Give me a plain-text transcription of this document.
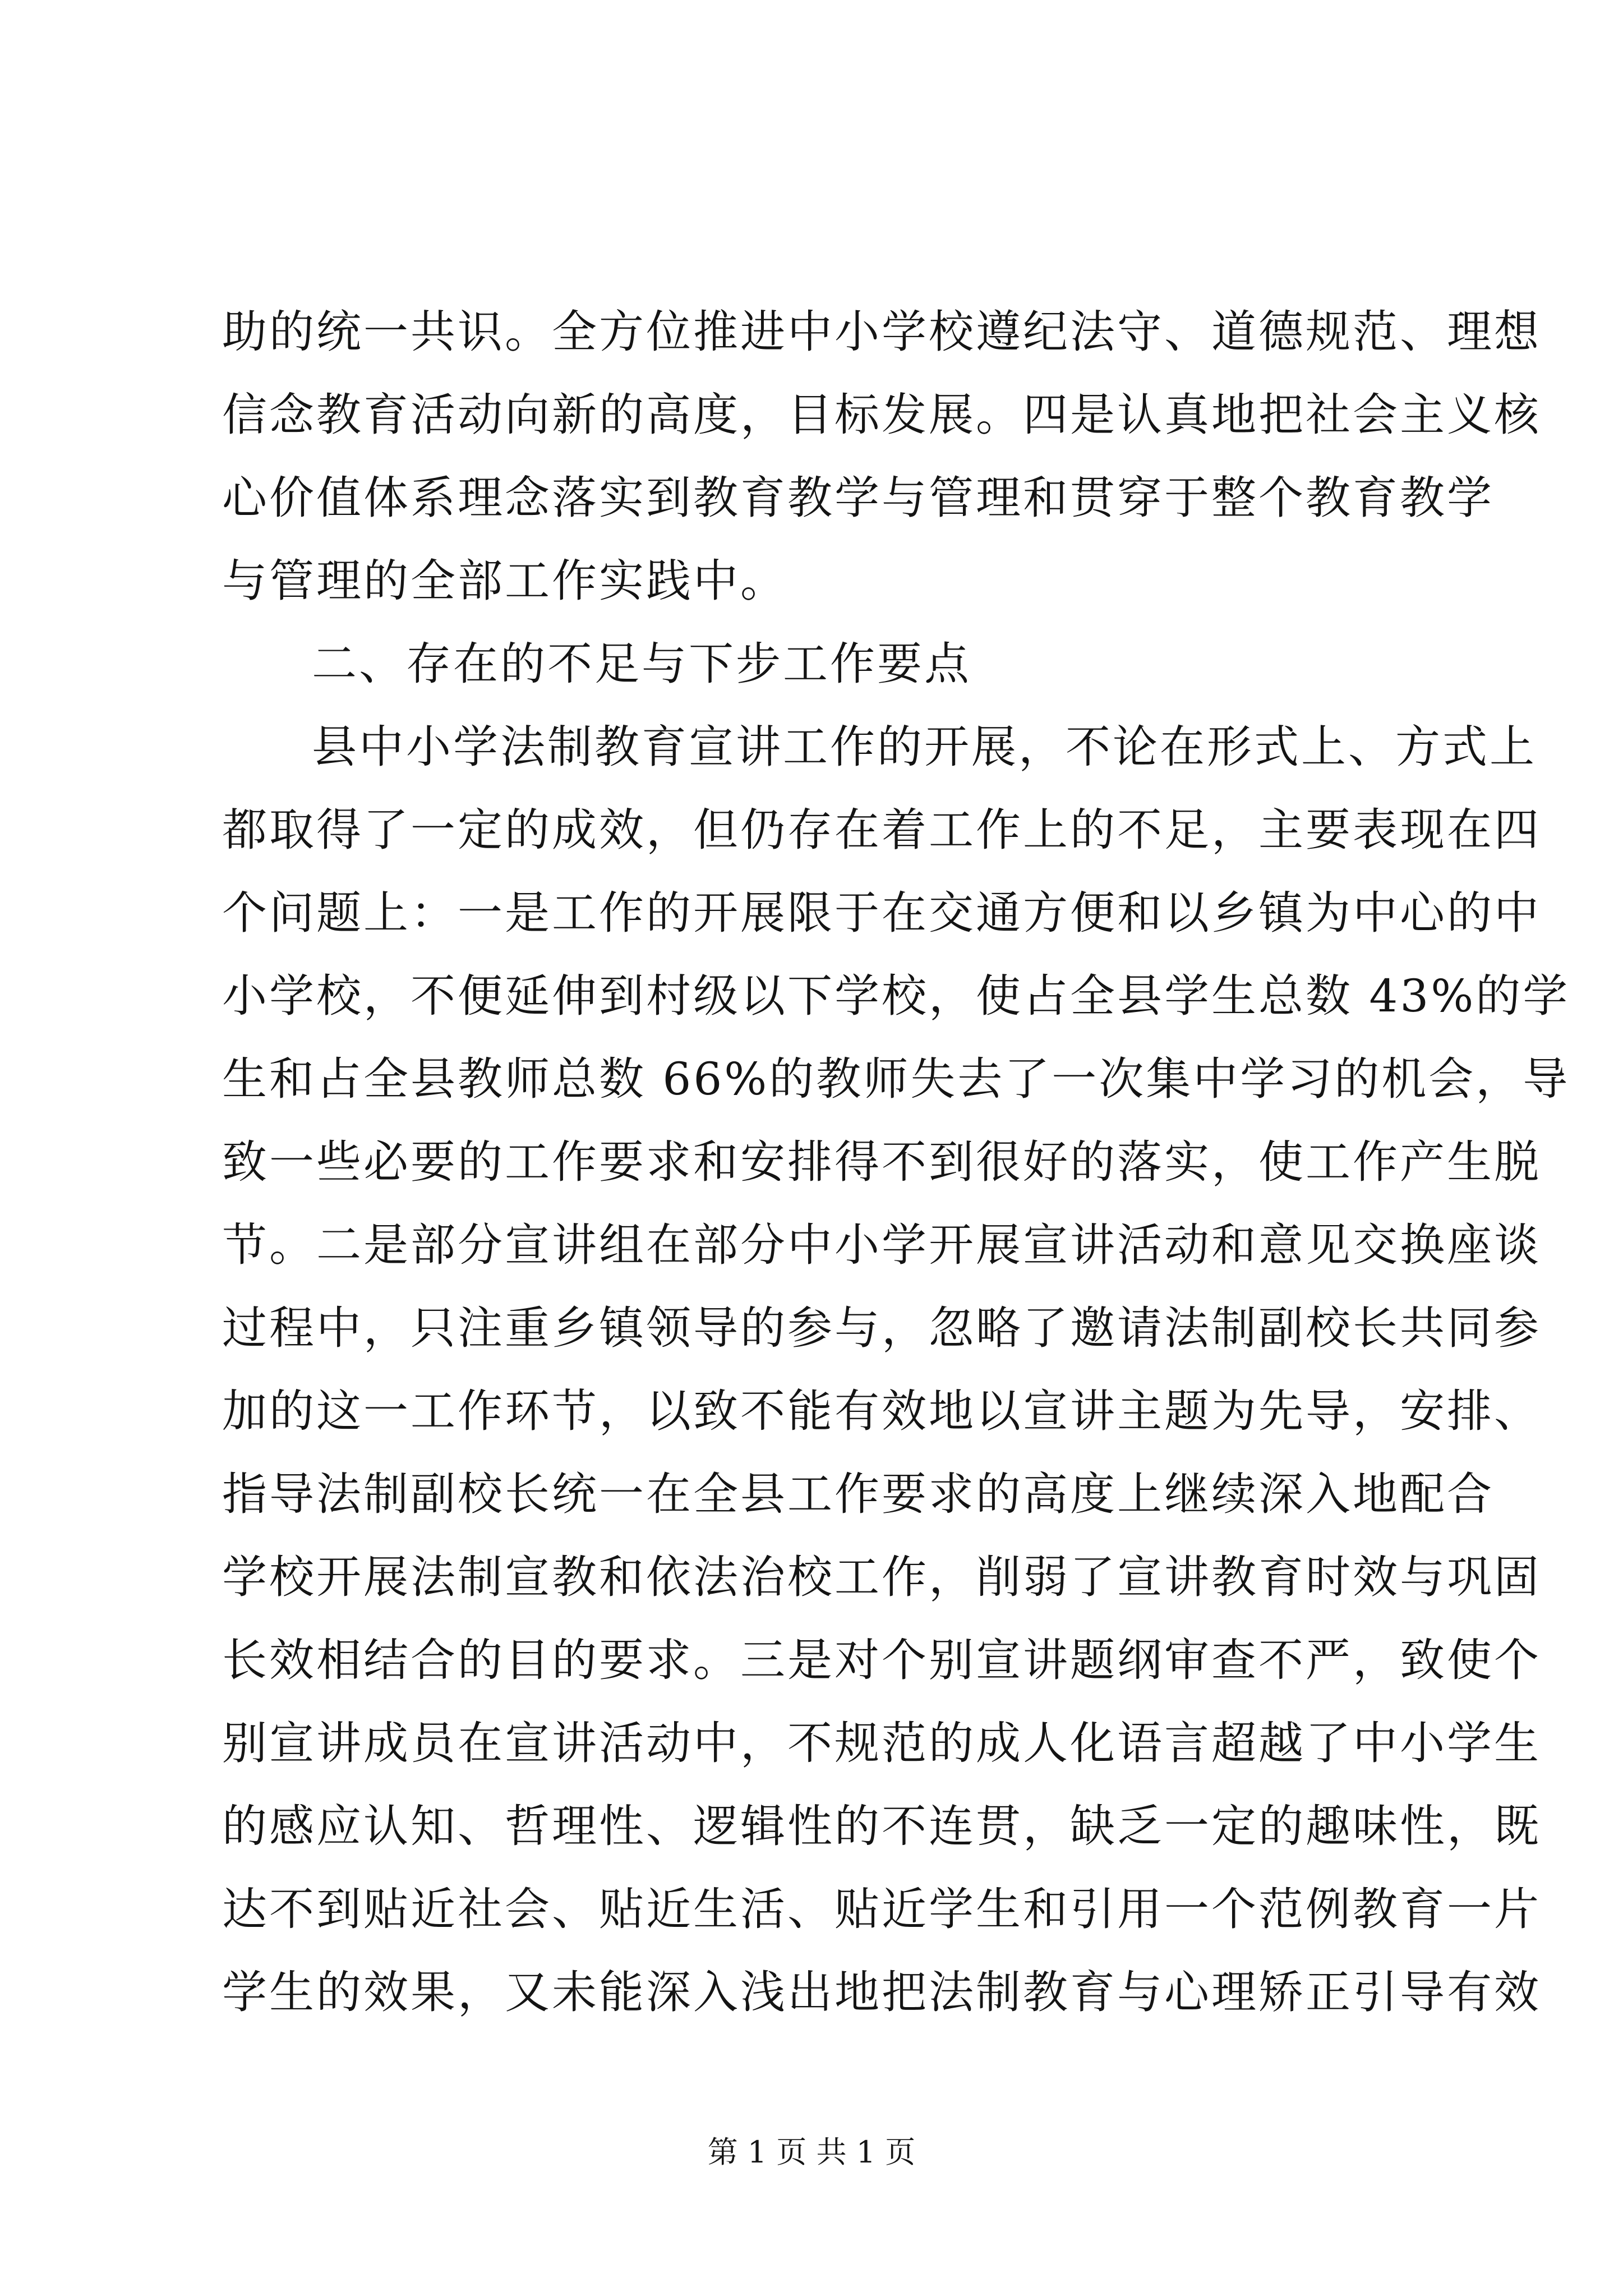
助的统一共识。全方位推进中小学校遵纪法守、道德规范、理想
信念教育活动向新的高度，目标发展。四是认真地把社会主义核
心价值体系理念落实到教育教学与管理和贯穿于整个教育教学
与管理的全部工作实践中。
二、存在的不足与下步工作要点
县中小学法制教育宣讲工作的开展，不论在形式上、方式上
都取得了一定的成效，但仍存在着工作上的不足，主要表现在四
个问题上：一是工作的开展限于在交通方便和以乡镇为中心的中
小学校，不便延伸到村级以下学校，使占全县学生总数 43%的学
生和占全县教师总数 66%的教师失去了一次集中学习的机会，导
致一些必要的工作要求和安排得不到很好的落实，使工作产生脱
节。二是部分宣讲组在部分中小学开展宣讲活动和意见交换座谈
过程中，只注重乡镇领导的参与，忽略了邀请法制副校长共同参
加的这一工作环节，以致不能有效地以宣讲主题为先导，安排、
指导法制副校长统一在全县工作要求的高度上继续深入地配合
学校开展法制宣教和依法治校工作，削弱了宣讲教育时效与巩固
长效相结合的目的要求。三是对个别宣讲题纲审查不严，致使个
别宣讲成员在宣讲活动中，不规范的成人化语言超越了中小学生
的感应认知、哲理性、逻辑性的不连贯，缺乏一定的趣味性，既
达不到贴近社会、贴近生活、贴近学生和引用一个范例教育一片
学生的效果，又未能深入浅出地把法制教育与心理矫正引导有效
第 1 页 共 1 页
